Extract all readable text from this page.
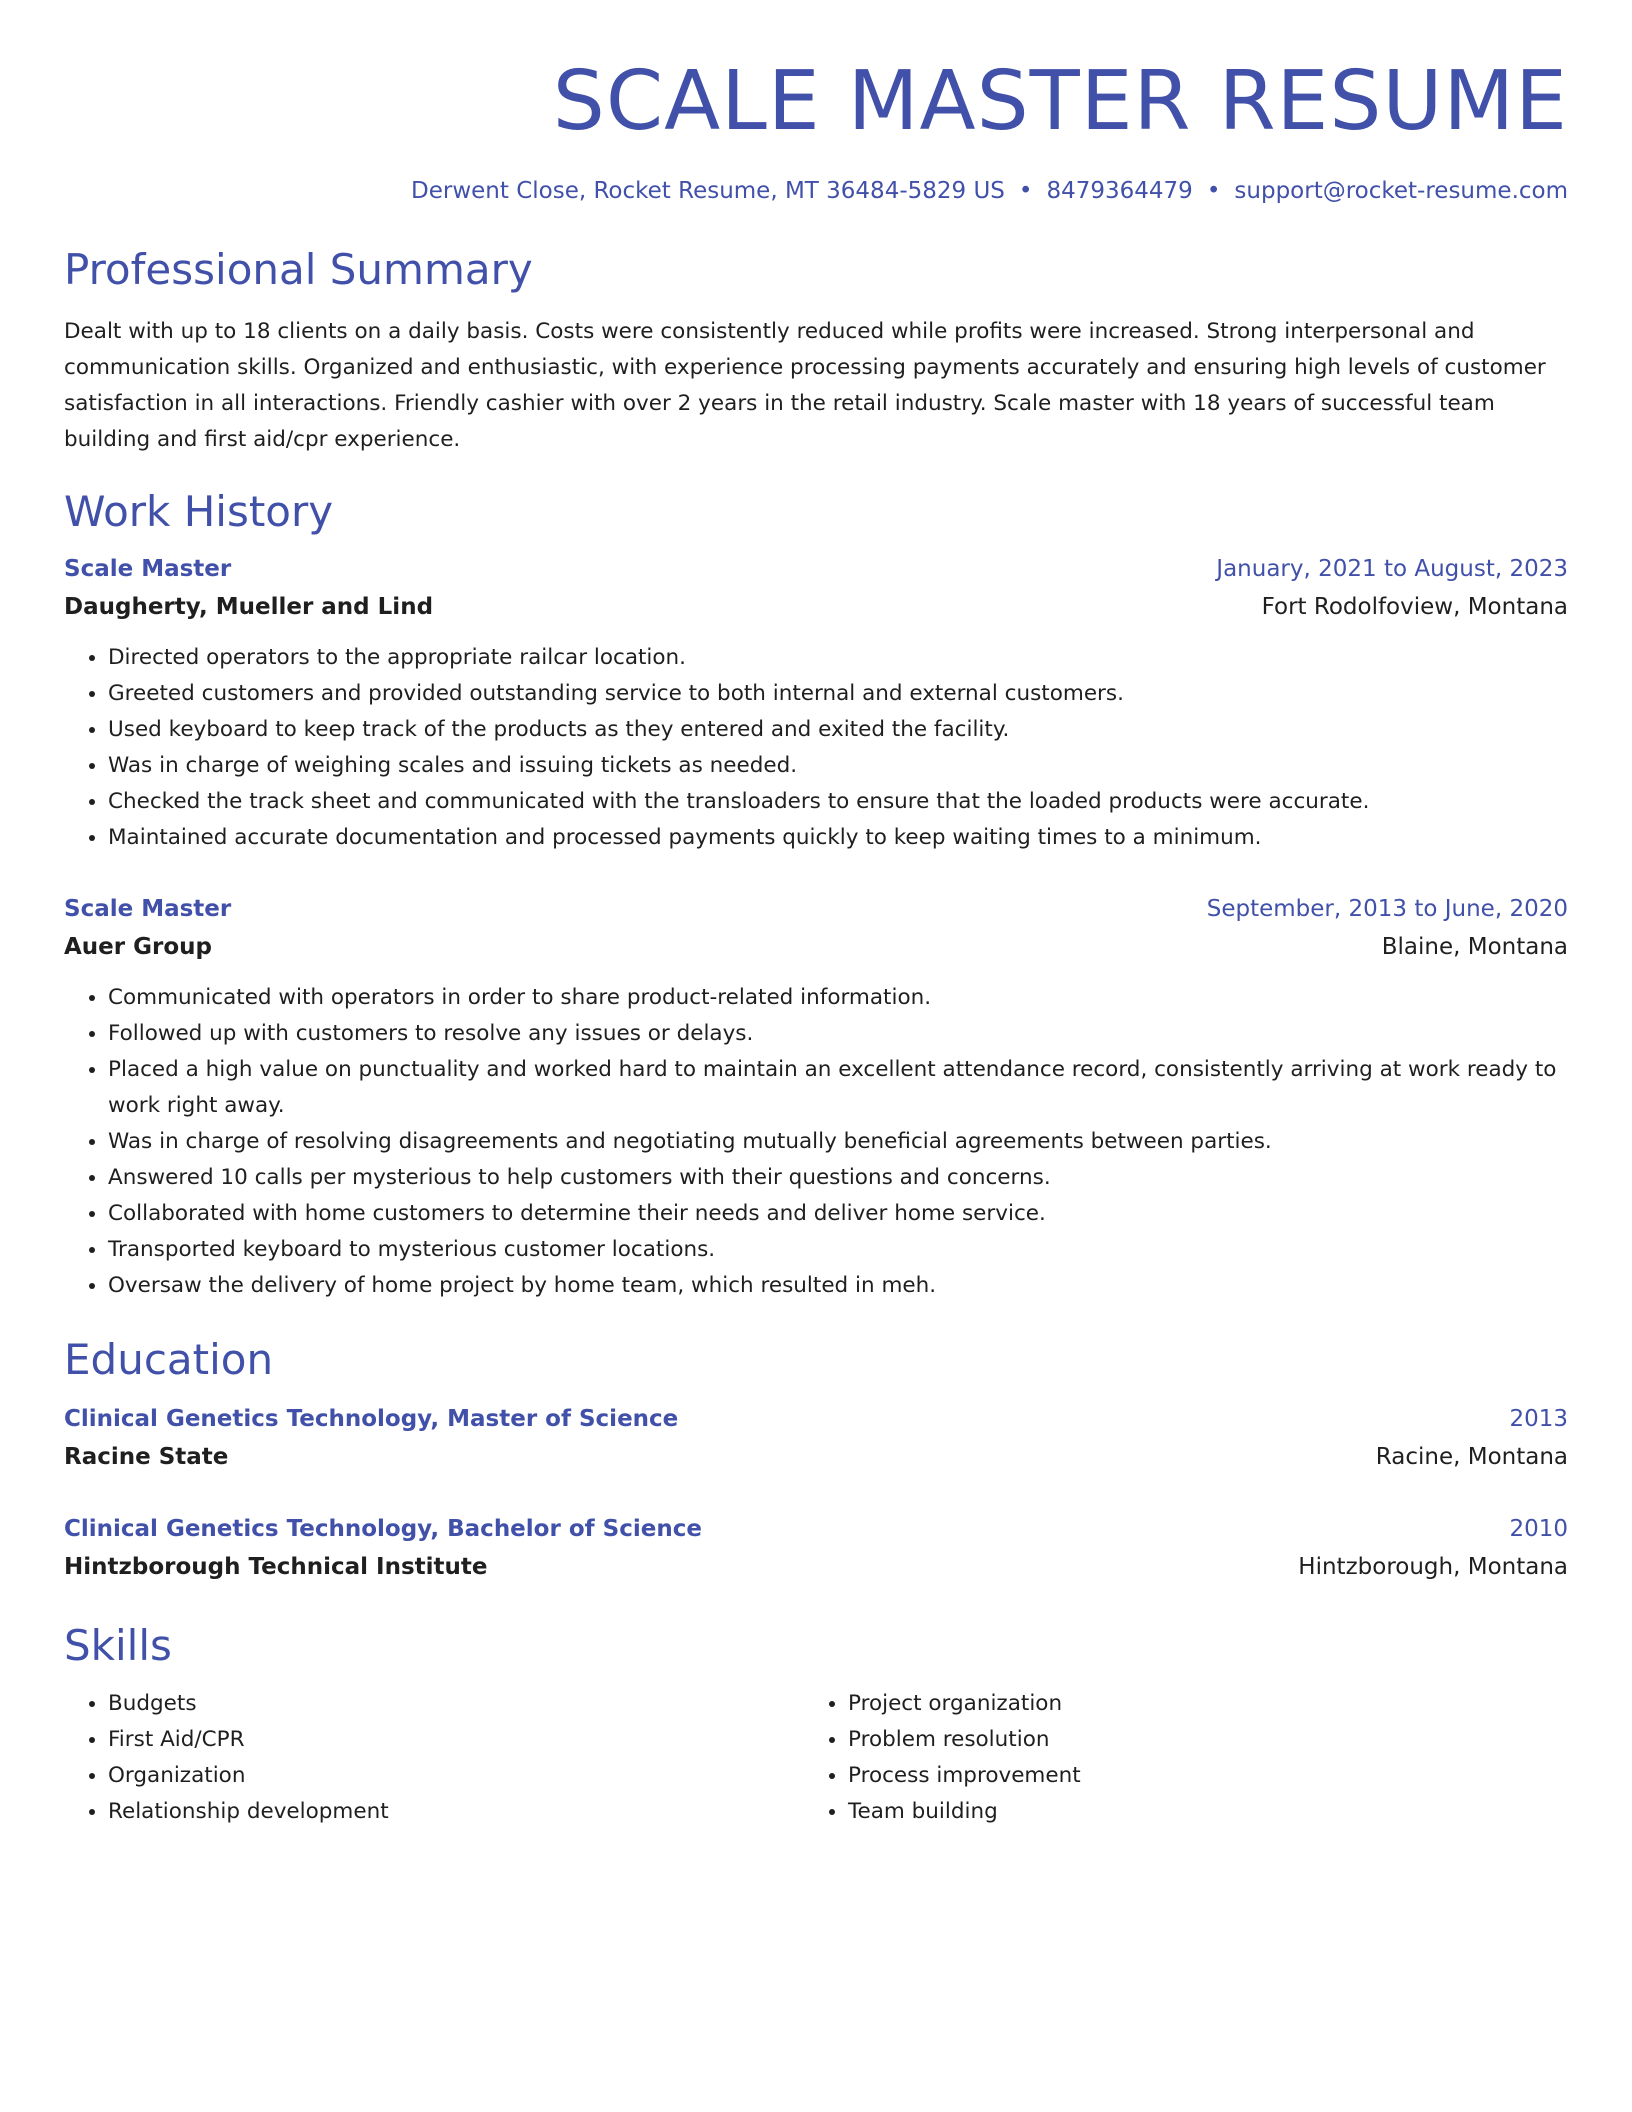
SCALE MASTER RESUME
Derwent Close, Rocket Resume, MT 36484-5829 US • 8479364479 • support@rocket-resume.com
Professional Summary

Dealt with up to 18 clients on a daily basis. Costs were consistently reduced while profits were increased. Strong interpersonal and communication skills. Organized and enthusiastic, with experience processing payments accurately and ensuring high levels of customer satisfaction in all interactions. Friendly cashier with over 2 years in the retail industry. Scale master with 18 years of successful team building and first aid/cpr experience.

Work History
Scale Master	January, 2021 to August, 2023
Daugherty, Mueller and Lind	Fort Rodolfoview, Montana
• Directed operators to the appropriate railcar location.
• Greeted customers and provided outstanding service to both internal and external customers.
• Used keyboard to keep track of the products as they entered and exited the facility.
• Was in charge of weighing scales and issuing tickets as needed.
• Checked the track sheet and communicated with the transloaders to ensure that the loaded products were accurate.
• Maintained accurate documentation and processed payments quickly to keep waiting times to a minimum.
Scale Master	September, 2013 to June, 2020
Auer Group	Blaine, Montana
• Communicated with operators in order to share product-related information.
• Followed up with customers to resolve any issues or delays.
• Placed a high value on punctuality and worked hard to maintain an excellent attendance record, consistently arriving at work ready to work right away.
• Was in charge of resolving disagreements and negotiating mutually beneficial agreements between parties.
• Answered 10 calls per mysterious to help customers with their questions and concerns.
• Collaborated with home customers to determine their needs and deliver home service.
• Transported keyboard to mysterious customer locations.
• Oversaw the delivery of home project by home team, which resulted in meh.
Education
Clinical Genetics Technology, Master of Science	2013
Racine State	Racine, Montana
Clinical Genetics Technology, Bachelor of Science	2010
Hintzborough Technical Institute	Hintzborough, Montana
Skills
• Budgets
• First Aid/CPR
• Organization
• Relationship development
• Project organization
• Problem resolution
• Process improvement
• Team building
